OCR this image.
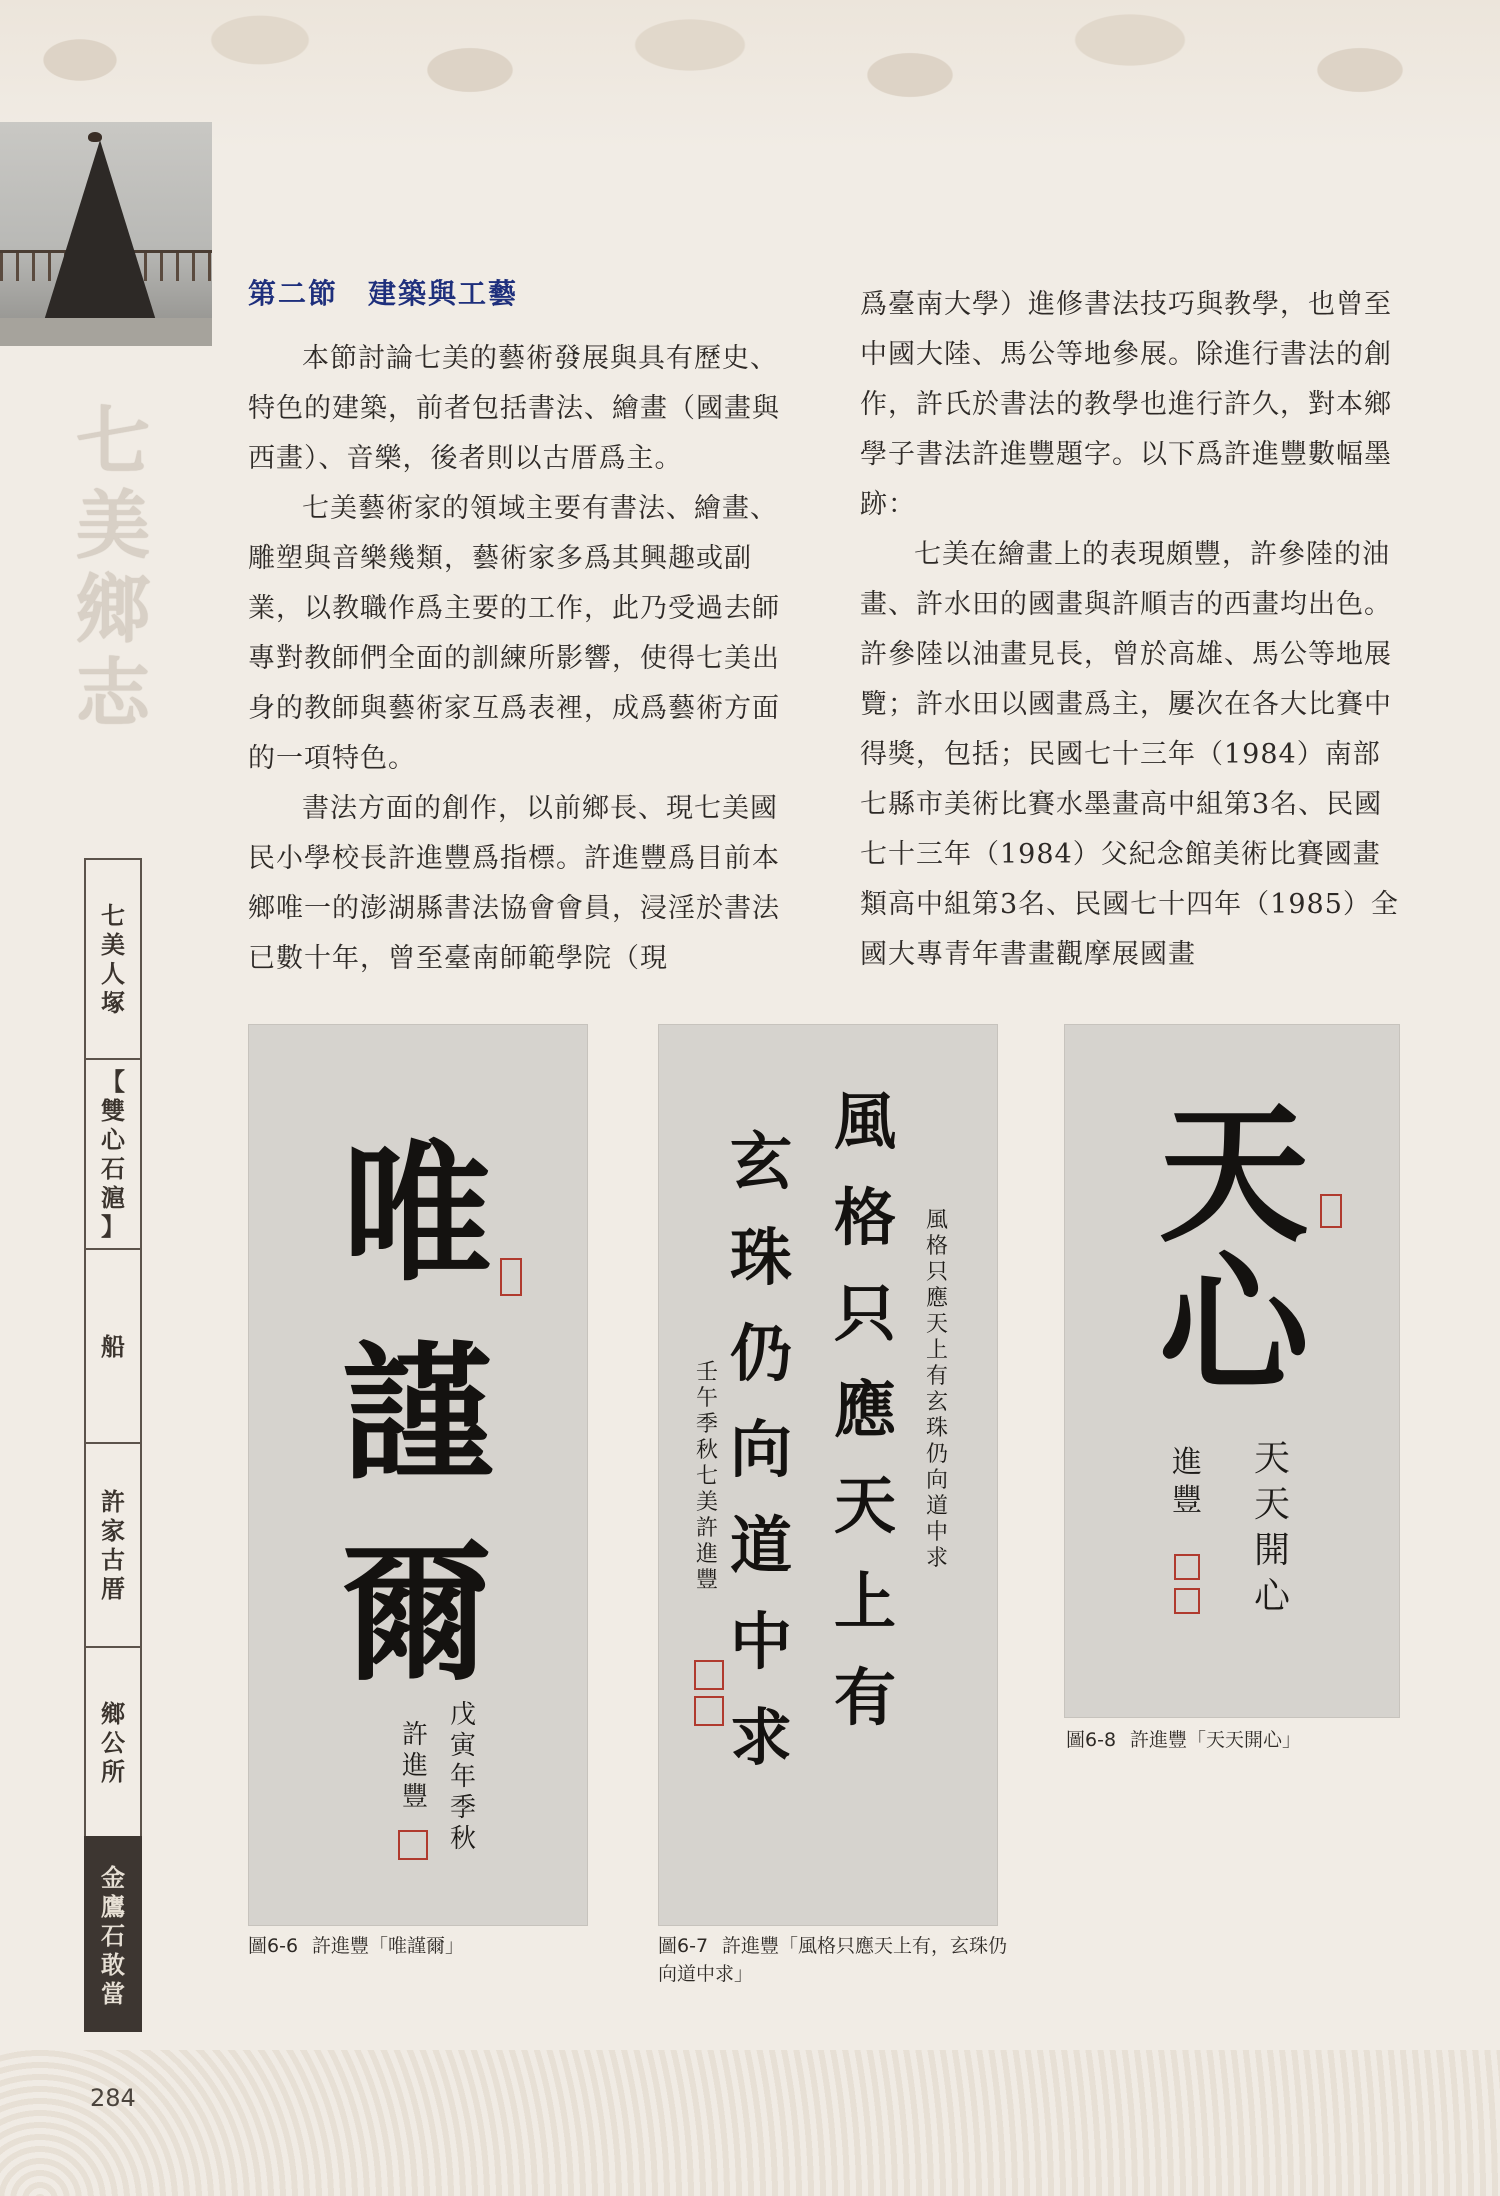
七
美
鄉
志
七
美
人
塚
【
雙
心
石
滬
】
船
許
家
古
厝
鄉
公
所
金
鷹
石
敢
當
第二節　建築與工藝

本節討論七美的藝術發展與具有歷史、特色的建築，前者包括書法、繪畫（國畫與西畫）、音樂，後者則以古厝爲主。

七美藝術家的領域主要有書法、繪畫、雕塑與音樂幾類，藝術家多爲其興趣或副業，以教職作爲主要的工作，此乃受過去師專對教師們全面的訓練所影響，使得七美出身的教師與藝術家互爲表裡，成爲藝術方面的一項特色。

書法方面的創作，以前鄉長、現七美國民小學校長許進豐爲指標。許進豐爲目前本鄉唯一的澎湖縣書法協會會員，浸淫於書法已數十年，曾至臺南師範學院（現

爲臺南大學）進修書法技巧與教學，也曾至中國大陸、馬公等地參展。除進行書法的創作，許氏於書法的教學也進行許久，對本鄉學子書法許進豐題字。以下爲許進豐數幅墨跡：

七美在繪畫上的表現頗豐，許參陸的油畫、許水田的國畫與許順吉的西畫均出色。許參陸以油畫見長，曾於高雄、馬公等地展覽；許水田以國畫爲主，屢次在各大比賽中得獎，包括；民國七十三年（1984）南部七縣市美術比賽水墨畫高中組第3名、民國七十三年（1984）父紀念館美術比賽國畫類高中組第3名、民國七十四年（1985）全國大專青年書畫觀摩展國畫

唯
謹
爾
戊寅年季秋
許進豐
圖6-6 許進豐「唯謹爾」
風格只應天上有
玄珠仍向道中求
風格只應天上有玄珠仍向道中求
壬午季秋七美許進豐
圖6-7 許進豐「風格只應天上有，玄珠仍向道中求」
天
心
天天開心
進豐
圖6-8 許進豐「天天開心」
284
